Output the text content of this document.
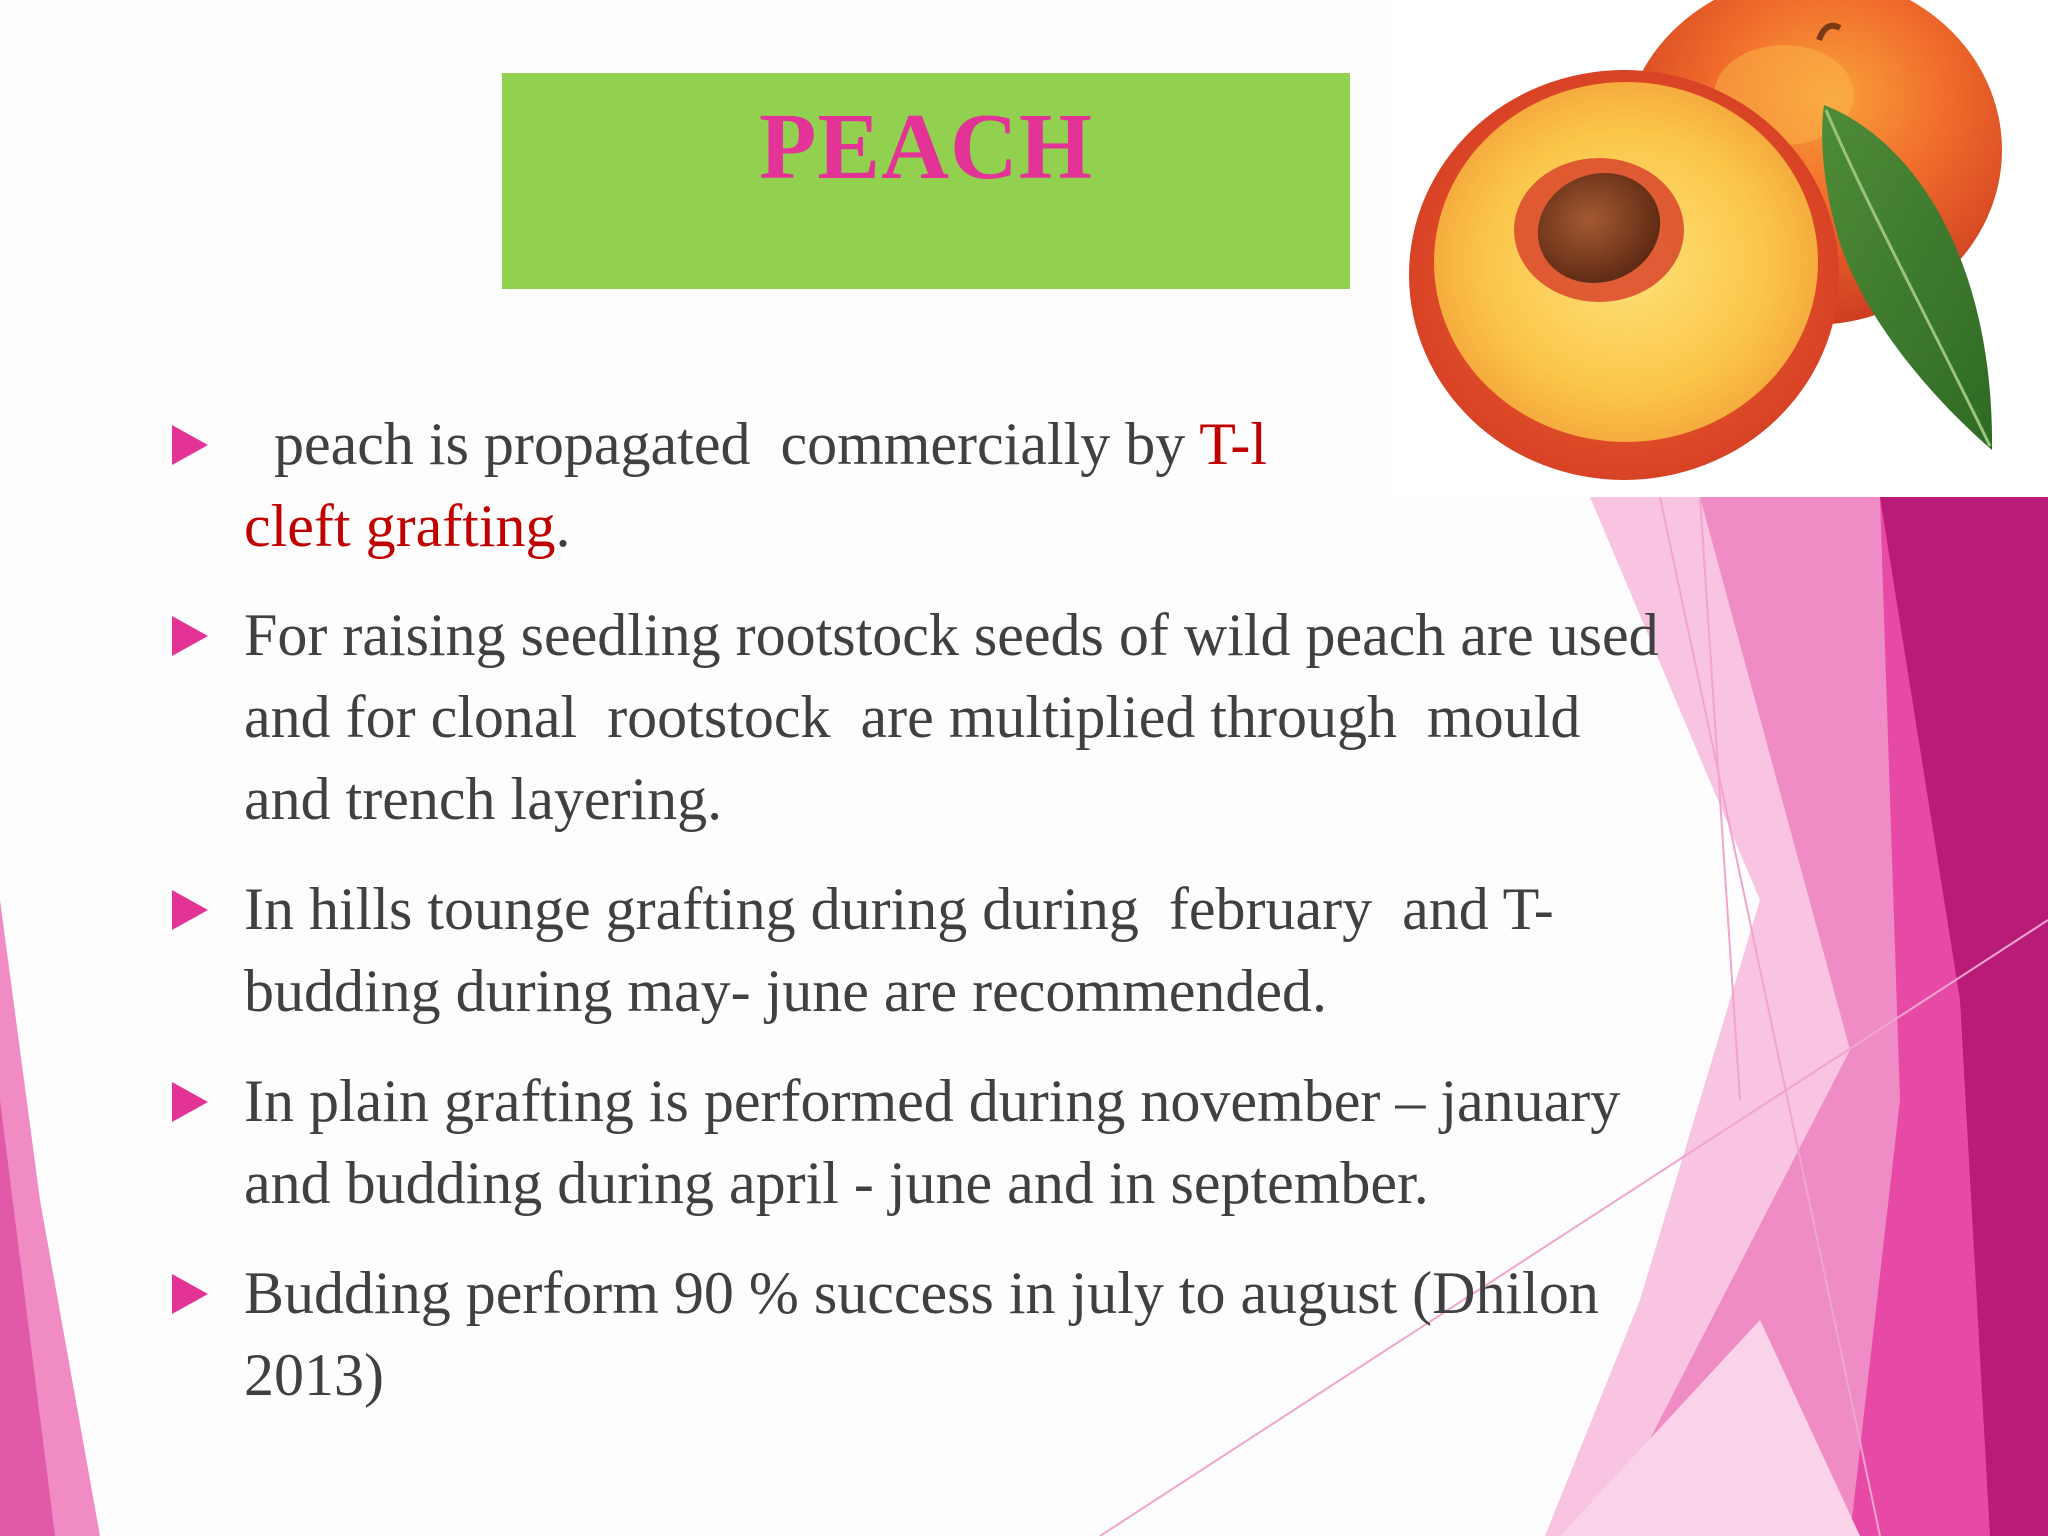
PEACH
peach is propagated  commercially by T-l
cleft grafting.
For raising seedling rootstock seeds of wild peach are used
and for clonal  rootstock  are multiplied through  mould
and trench layering.
In hills tounge grafting during during  february  and T-
budding during may- june are recommended.
In plain grafting is performed during november – january
and budding during april - june and in september.
Budding perform 90 % success in july to august (Dhilon
2013)
